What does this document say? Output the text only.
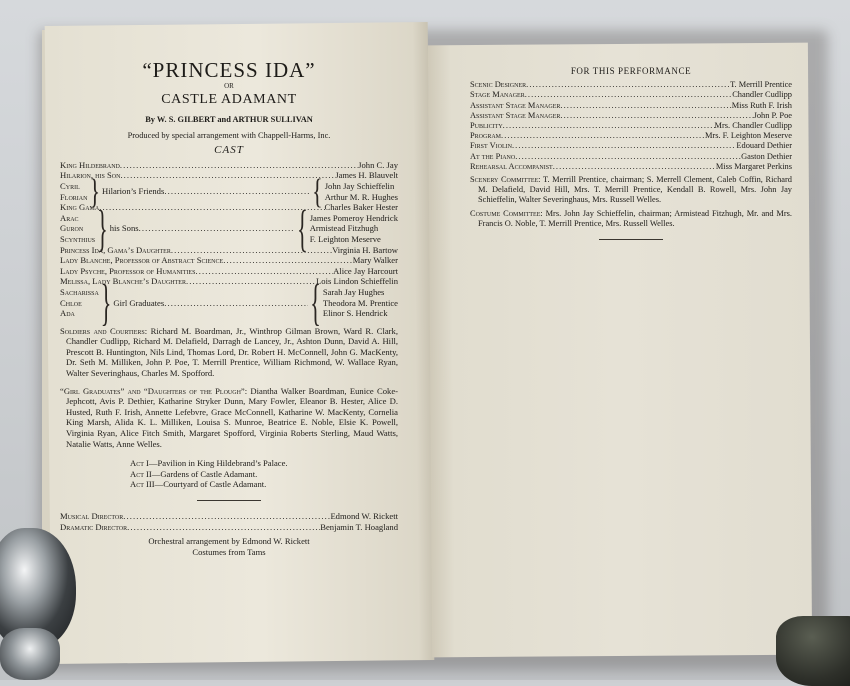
“PRINCESS IDA”
OR
CASTLE ADAMANT
By W. S. GILBERT and ARTHUR SULLIVAN
Produced by special arrangement with Chappell-Harms, Inc.
CAST
King Hildebrand .....	John C. Jay
Hilarion, his Son .....	James H. Blauvelt
Cyril
Florian } Hilarion’s Friends .....	{ John Jay Schieffelin
Arthur M. R. Hughes
King Gama .....	Charles Baker Hester
Arac
Guron
Scynthius } his Sons .....	{ James Pomeroy Hendrick
Armistead Fitzhugh
F. Leighton Meserve
Princess Ida, Gama’s Daughter .....	Virginia H. Bartow
Lady Blanche, Professor of Abstract Science .....	Mary Walker
Lady Psyche, Professor of Humanities .....	Alice Jay Harcourt
Melissa, Lady Blanche’s Daughter .....	Lois Lindon Schieffelin
Sacharissa
Chloe
Ada	} Girl Graduates .....	{ Sarah Jay Hughes
Theodora M. Prentice
Elinor S. Hendrick
Soldiers and Courtiers: Richard M. Boardman, Jr., Winthrop Gilman Brown, Ward R. Clark, Chandler Cudlipp, Richard M. Delafield, Darragh de Lancey, Jr., Ashton Dunn, David A. Hill, Prescott B. Huntington, Nils Lind, Thomas Lord, Dr. Robert H. McConnell, John G. MacKenty, Dr. Seth M. Milliken, John P. Poe, T. Merrill Prentice, William Richmond, W. Wallace Ryan, Walter Severinghaus, Charles M. Spofford.
“Girl Graduates” and “Daughters of the Plough”: Diantha Walker Boardman, Eunice Coke-Jephcott, Avis P. Dethier, Katharine Stryker Dunn, Mary Fowler, Eleanor B. Hester, Alice D. Husted, Ruth F. Irish, Annette Lefebvre, Grace McConnell, Katharine W. MacKenty, Cornelia King Marsh, Alida K. L. Milliken, Louisa S. Munroe, Beatrice E. Noble, Elsie K. Powell, Virginia Ryan, Alice Fitch Smith, Margaret Spofford, Virginia Roberts Sterling, Maud Watts, Natalie Watts, Anne Welles.
Act I—Pavilion in King Hildebrand’s Palace.
Act II—Gardens of Castle Adamant.
Act III—Courtyard of Castle Adamant.
Musical Director .....	Edmond W. Rickett
Dramatic Director .....	Benjamin T. Hoagland
Orchestral arrangement by Edmond W. Rickett
Costumes from Tams
FOR THIS PERFORMANCE
Scenic Designer .....	T. Merrill Prentice
Stage Manager .....	Chandler Cudlipp
Assistant Stage Manager .....	Miss Ruth F. Irish
Assistant Stage Manager .....	John P. Poe
Publicity .....	Mrs. Chandler Cudlipp
Program .....	Mrs. F. Leighton Meserve
First Violin .....	Edouard Dethier
At the Piano .....	Gaston Dethier
Rehearsal Accompanist .....	Miss Margaret Perkins
Scenery Committee: T. Merrill Prentice, chairman; S. Merrell Clement, Caleb Coffin, Richard M. Delafield, David Hill, Mrs. T. Merrill Prentice, Kendall B. Rowell, Mrs. John Jay Schieffelin, Walter Severinghaus, Mrs. Russell Welles.
Costume Committee: Mrs. John Jay Schieffelin, chairman; Armistead Fitzhugh, Mr. and Mrs. Francis O. Noble, T. Merrill Prentice, Mrs. Russell Welles.
